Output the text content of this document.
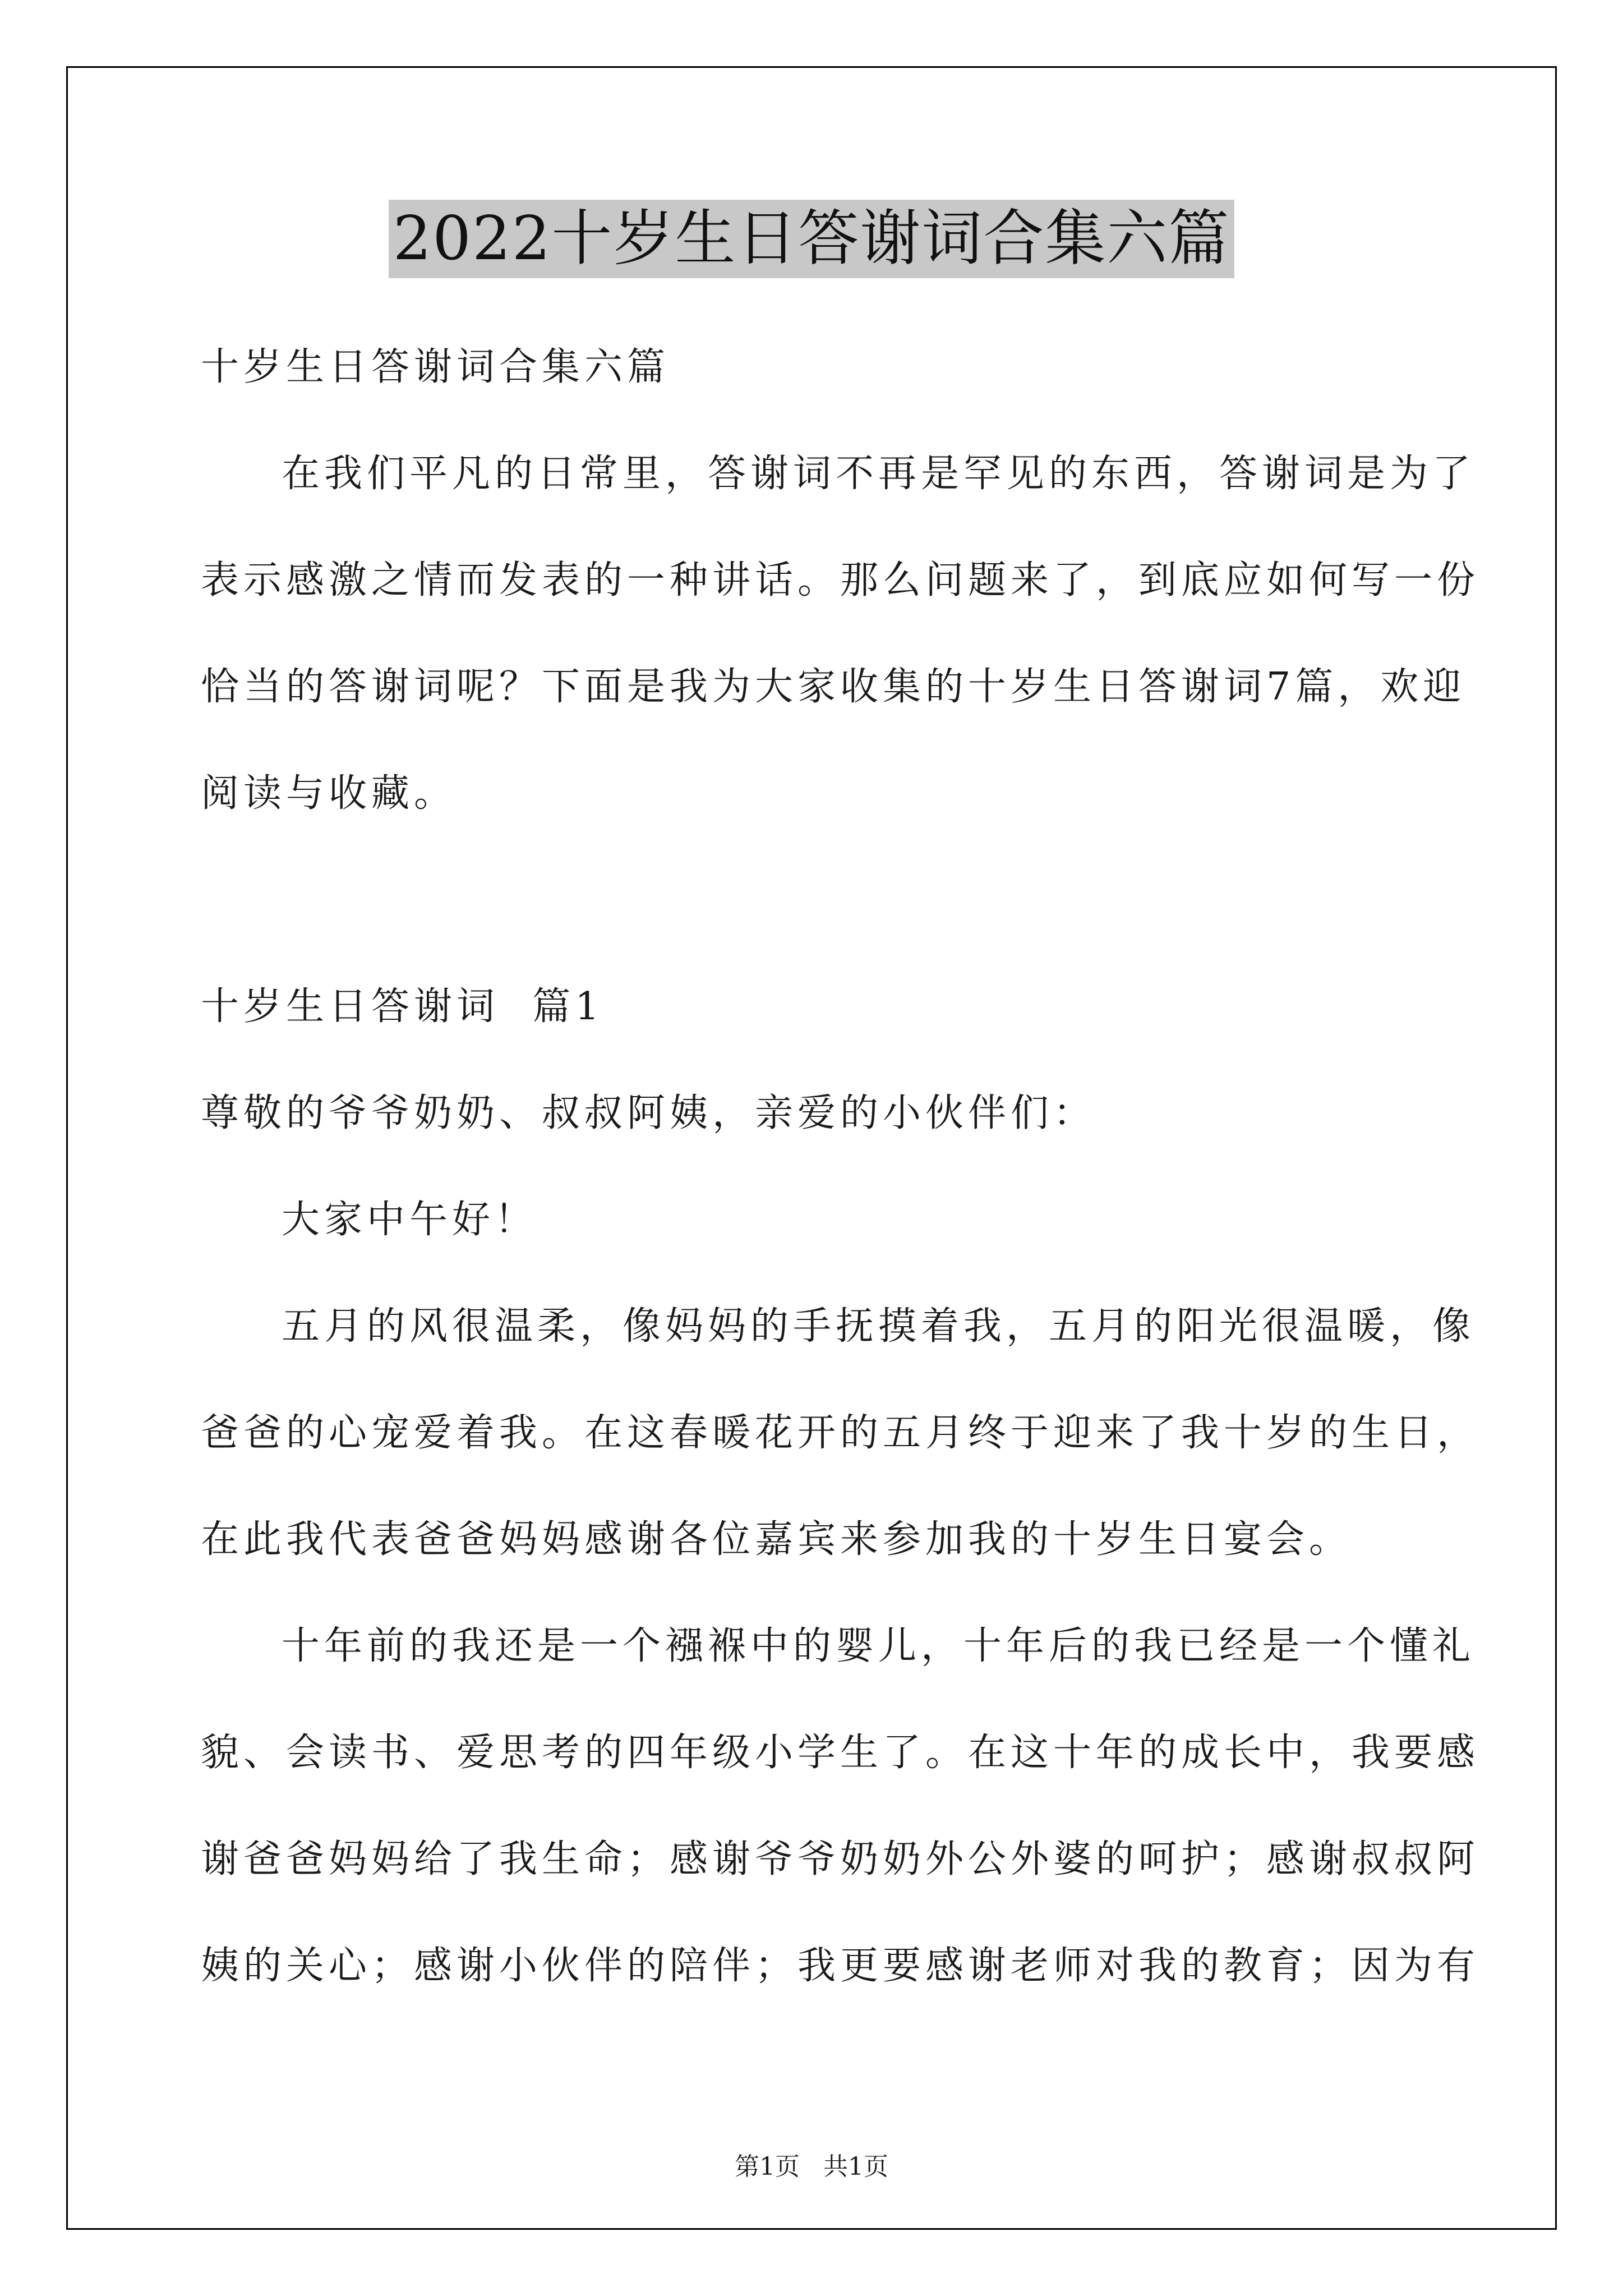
2022十岁生日答谢词合集六篇
十岁生日答谢词合集六篇
在我们平凡的日常里，答谢词不再是罕见的东西，答谢词是为了
表示感激之情而发表的一种讲话。那么问题来了，到底应如何写一份
恰当的答谢词呢？下面是我为大家收集的十岁生日答谢词7篇，欢迎
阅读与收藏。
十岁生日答谢词  篇1
尊敬的爷爷奶奶、叔叔阿姨，亲爱的小伙伴们：
大家中午好！
五月的风很温柔，像妈妈的手抚摸着我，五月的阳光很温暖，像
爸爸的心宠爱着我。在这春暖花开的五月终于迎来了我十岁的生日，
在此我代表爸爸妈妈感谢各位嘉宾来参加我的十岁生日宴会。
十年前的我还是一个襁褓中的婴儿，十年后的我已经是一个懂礼
貌、会读书、爱思考的四年级小学生了。在这十年的成长中，我要感
谢爸爸妈妈给了我生命；感谢爷爷奶奶外公外婆的呵护；感谢叔叔阿
姨的关心；感谢小伙伴的陪伴；我更要感谢老师对我的教育；因为有
第1页 共1页
